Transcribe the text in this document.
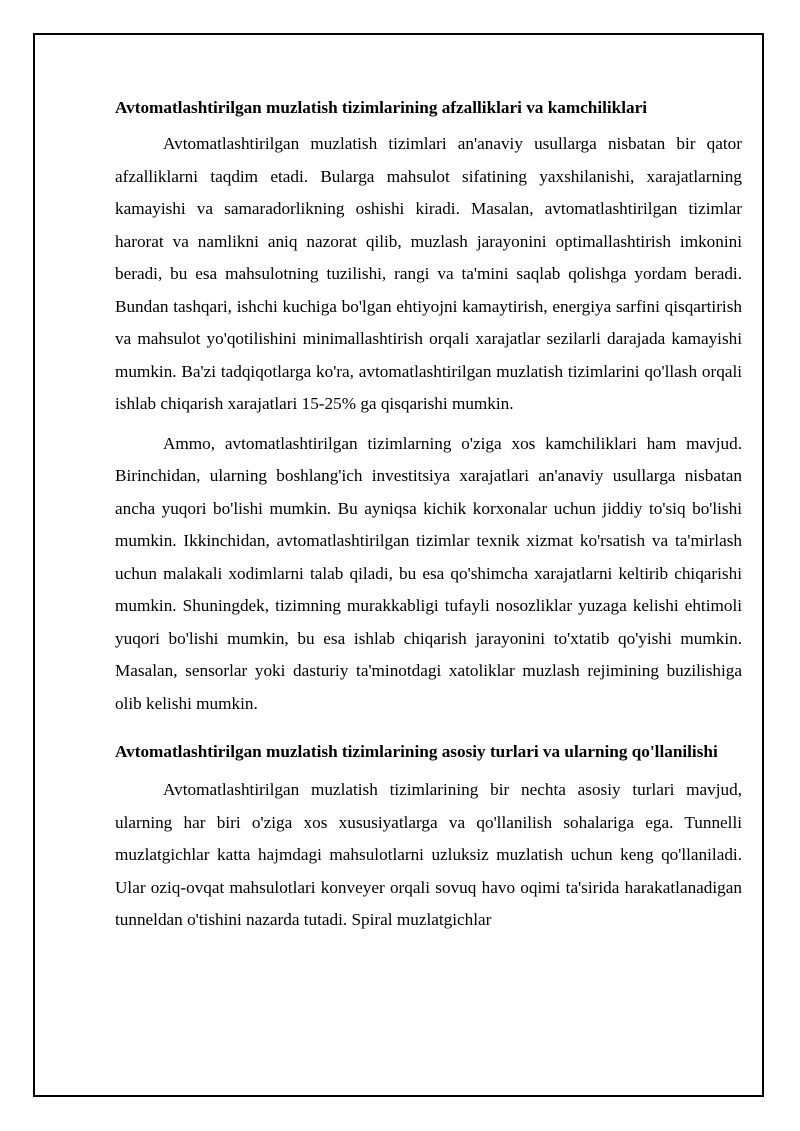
Avtomatlashtirilgan muzlatish tizimlarining afzalliklari va kamchiliklari

Avtomatlashtirilgan muzlatish tizimlari an'anaviy usullarga nisbatan bir qator afzalliklarni taqdim etadi. Bularga mahsulot sifatining yaxshilanishi, xarajatlarning kamayishi va samaradorlikning oshishi kiradi. Masalan, avtomatlashtirilgan tizimlar harorat va namlikni aniq nazorat qilib, muzlash jarayonini optimallashtirish imkonini beradi, bu esa mahsulotning tuzilishi, rangi va ta'mini saqlab qolishga yordam beradi. Bundan tashqari, ishchi kuchiga bo'lgan ehtiyojni kamaytirish, energiya sarfini qisqartirish va mahsulot yo'qotilishini minimallashtirish orqali xarajatlar sezilarli darajada kamayishi mumkin. Ba'zi tadqiqotlarga ko'ra, avtomatlashtirilgan muzlatish tizimlarini qo'llash orqali ishlab chiqarish xarajatlari 15-25% ga qisqarishi mumkin.

Ammo, avtomatlashtirilgan tizimlarning o'ziga xos kamchiliklari ham mavjud. Birinchidan, ularning boshlang'ich investitsiya xarajatlari an'anaviy usullarga nisbatan ancha yuqori bo'lishi mumkin. Bu ayniqsa kichik korxonalar uchun jiddiy to'siq bo'lishi mumkin. Ikkinchidan, avtomatlashtirilgan tizimlar texnik xizmat ko'rsatish va ta'mirlash uchun malakali xodimlarni talab qiladi, bu esa qo'shimcha xarajatlarni keltirib chiqarishi mumkin. Shuningdek, tizimning murakkabligi tufayli nosozliklar yuzaga kelishi ehtimoli yuqori bo'lishi mumkin, bu esa ishlab chiqarish jarayonini to'xtatib qo'yishi mumkin. Masalan, sensorlar yoki dasturiy ta'minotdagi xatoliklar muzlash rejimining buzilishiga olib kelishi mumkin.

Avtomatlashtirilgan muzlatish tizimlarining asosiy turlari va ularning qo'llanilishi

Avtomatlashtirilgan muzlatish tizimlarining bir nechta asosiy turlari mavjud, ularning har biri o'ziga xos xususiyatlarga va qo'llanilish sohalariga ega. Tunnelli muzlatgichlar katta hajmdagi mahsulotlarni uzluksiz muzlatish uchun keng qo'llaniladi. Ular oziq-ovqat mahsulotlari konveyer orqali sovuq havo oqimi ta'sirida harakatlanadigan tunneldan o'tishini nazarda tutadi. Spiral muzlatgichlar
